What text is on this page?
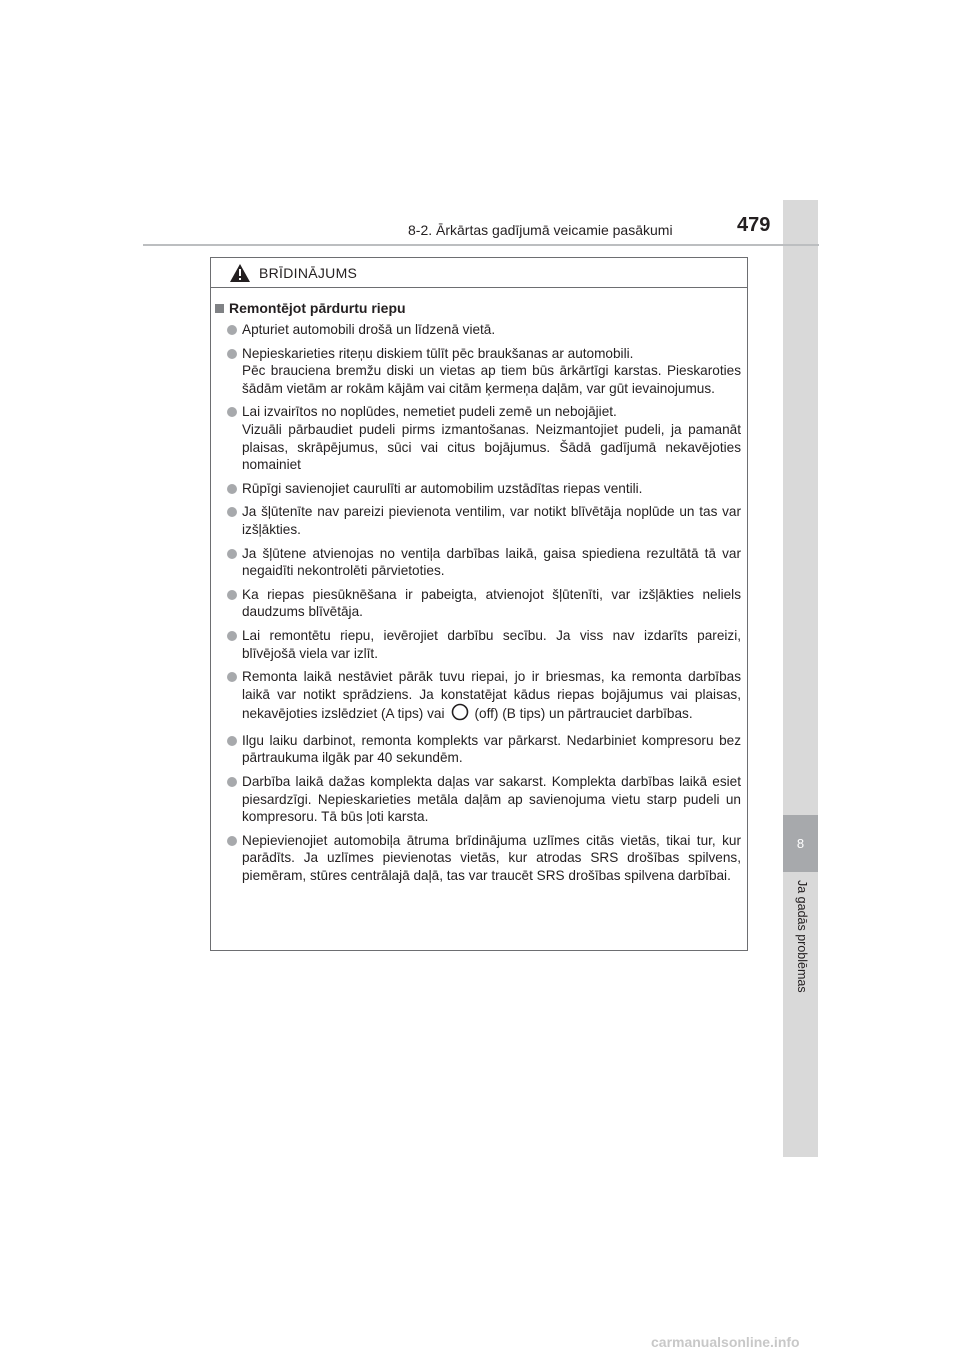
8
Ja gadās problēmas
8-2. Ārkārtas gadījumā veicamie pasākumi	479
BRĪDINĀJUMS
Remontējot pārdurtu riepu
Apturiet automobili drošā un līdzenā vietā.
Nepieskarieties riteņu diskiem tūlīt pēc braukšanas ar automobili.
Pēc brauciena bremžu diski un vietas ap tiem būs ārkārtīgi karstas. Pieskaroties šādām vietām ar rokām kājām vai citām ķermeņa daļām, var gūt ievainojumus.
Lai izvairītos no noplūdes, nemetiet pudeli zemē un nebojājiet.
Vizuāli pārbaudiet pudeli pirms izmantošanas. Neizmantojiet pudeli, ja pamanāt plaisas, skrāpējumus, sūci vai citus bojājumus. Šādā gadījumā nekavējoties nomainiet
Rūpīgi savienojiet caurulīti ar automobilim uzstādītas riepas ventili.
Ja šļūtenīte nav pareizi pievienota ventilim, var notikt blīvētāja noplūde un tas var izšļākties.
Ja šļūtene atvienojas no ventiļa darbības laikā, gaisa spiediena rezultātā tā var negaidīti nekontrolēti pārvietoties.
Ka riepas piesūknēšana ir pabeigta, atvienojot šļūtenīti, var izšļākties neliels daudzums blīvētāja.
Lai remontētu riepu, ievērojiet darbību secību. Ja viss nav izdarīts pareizi, blīvējošā viela var izlīt.
Remonta laikā nestāviet pārāk tuvu riepai, jo ir briesmas, ka remonta darbības laikā var notikt sprādziens. Ja konstatējat kādus riepas bojājumus vai plaisas, nekavējoties izslēdziet (A tips) vai (off) (B tips) un pārtrauciet darbības.
Ilgu laiku darbinot, remonta komplekts var pārkarst. Nedarbiniet kompresoru bez pārtraukuma ilgāk par 40 sekundēm.
Darbība laikā dažas komplekta daļas var sakarst. Komplekta darbības laikā esiet piesardzīgi. Nepieskarieties metāla daļām ap savienojuma vietu starp pudeli un kompresoru. Tā būs ļoti karsta.
Nepievienojiet automobiļa ātruma brīdinājuma uzlīmes citās vietās, tikai tur, kur parādīts. Ja uzlīmes pievienotas vietās, kur atrodas SRS drošības spilvens, piemēram, stūres centrālajā daļā, tas var traucēt SRS drošības spilvena darbībai.
carmanualsonline.info
